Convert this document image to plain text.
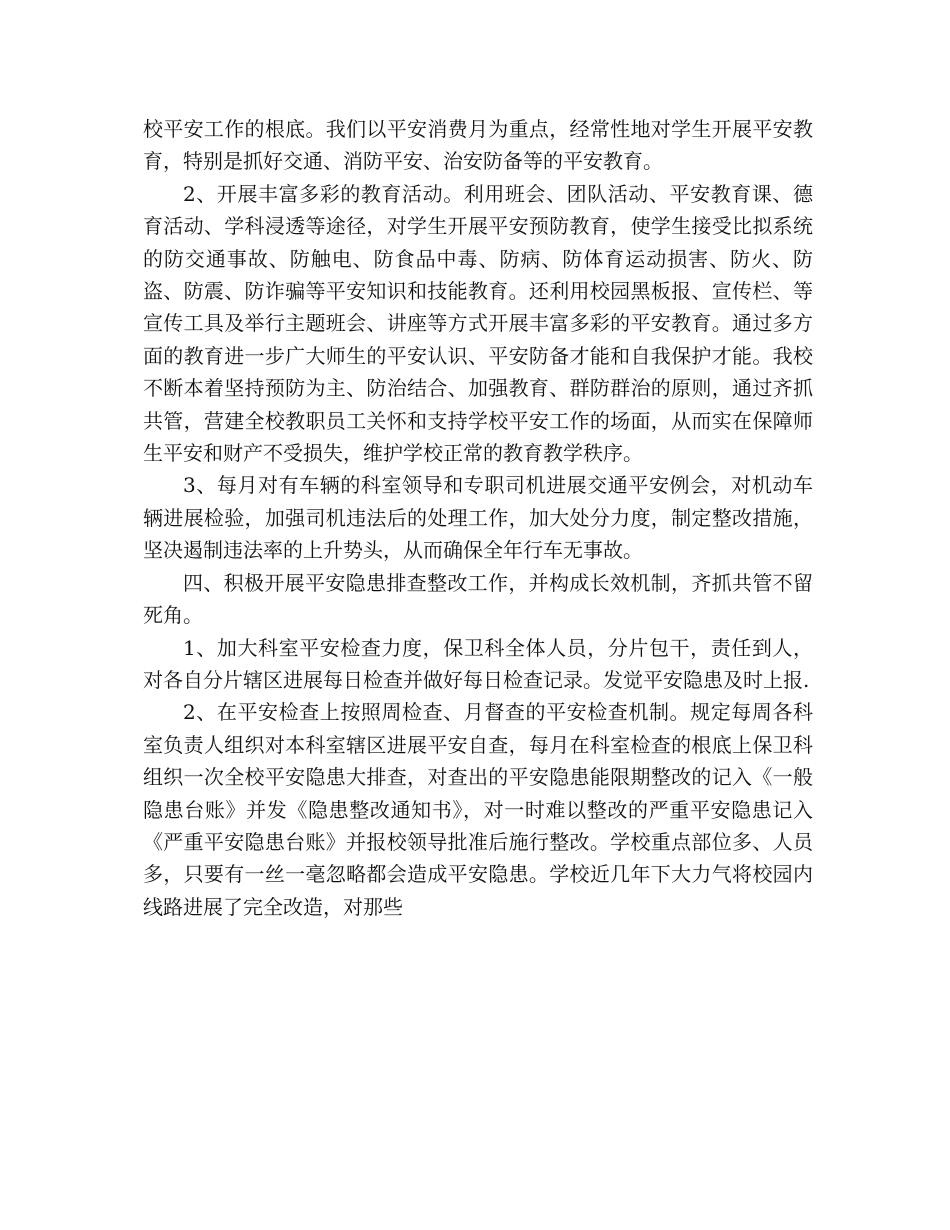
校平安工作的根底。我们以平安消费月为重点，经常性地对学生开展平安教育，特别是抓好交通、消防平安、治安防备等的平安教育。

2、开展丰富多彩的教育活动。利用班会、团队活动、平安教育课、德育活动、学科浸透等途径，对学生开展平安预防教育，使学生接受比拟系统的防交通事故、防触电、防食品中毒、防病、防体育运动损害、防火、防盗、防震、防诈骗等平安知识和技能教育。还利用校园黑板报、宣传栏、等宣传工具及举行主题班会、讲座等方式开展丰富多彩的平安教育。通过多方面的教育进一步广大师生的平安认识、平安防备才能和自我保护才能。我校不断本着坚持预防为主、防治结合、加强教育、群防群治的原则，通过齐抓共管，营建全校教职员工关怀和支持学校平安工作的场面，从而实在保障师生平安和财产不受损失，维护学校正常的教育教学秩序。

3、每月对有车辆的科室领导和专职司机进展交通平安例会，对机动车辆进展检验，加强司机违法后的处理工作，加大处分力度，制定整改措施，坚决遏制违法率的上升势头，从而确保全年行车无事故。

四、积极开展平安隐患排查整改工作，并构成长效机制，齐抓共管不留死角。

1、加大科室平安检查力度，保卫科全体人员，分片包干，责任到人，对各自分片辖区进展每日检查并做好每日检查记录。发觉平安隐患及时上报.

2、在平安检查上按照周检查、月督查的平安检查机制。规定每周各科室负责人组织对本科室辖区进展平安自查，每月在科室检查的根底上保卫科组织一次全校平安隐患大排查，对查出的平安隐患能限期整改的记入《一般隐患台账》并发《隐患整改通知书》，对一时难以整改的严重平安隐患记入《严重平安隐患台账》并报校领导批准后施行整改。学校重点部位多、人员多，只要有一丝一毫忽略都会造成平安隐患。学校近几年下大力气将校园内线路进展了完全改造，对那些
